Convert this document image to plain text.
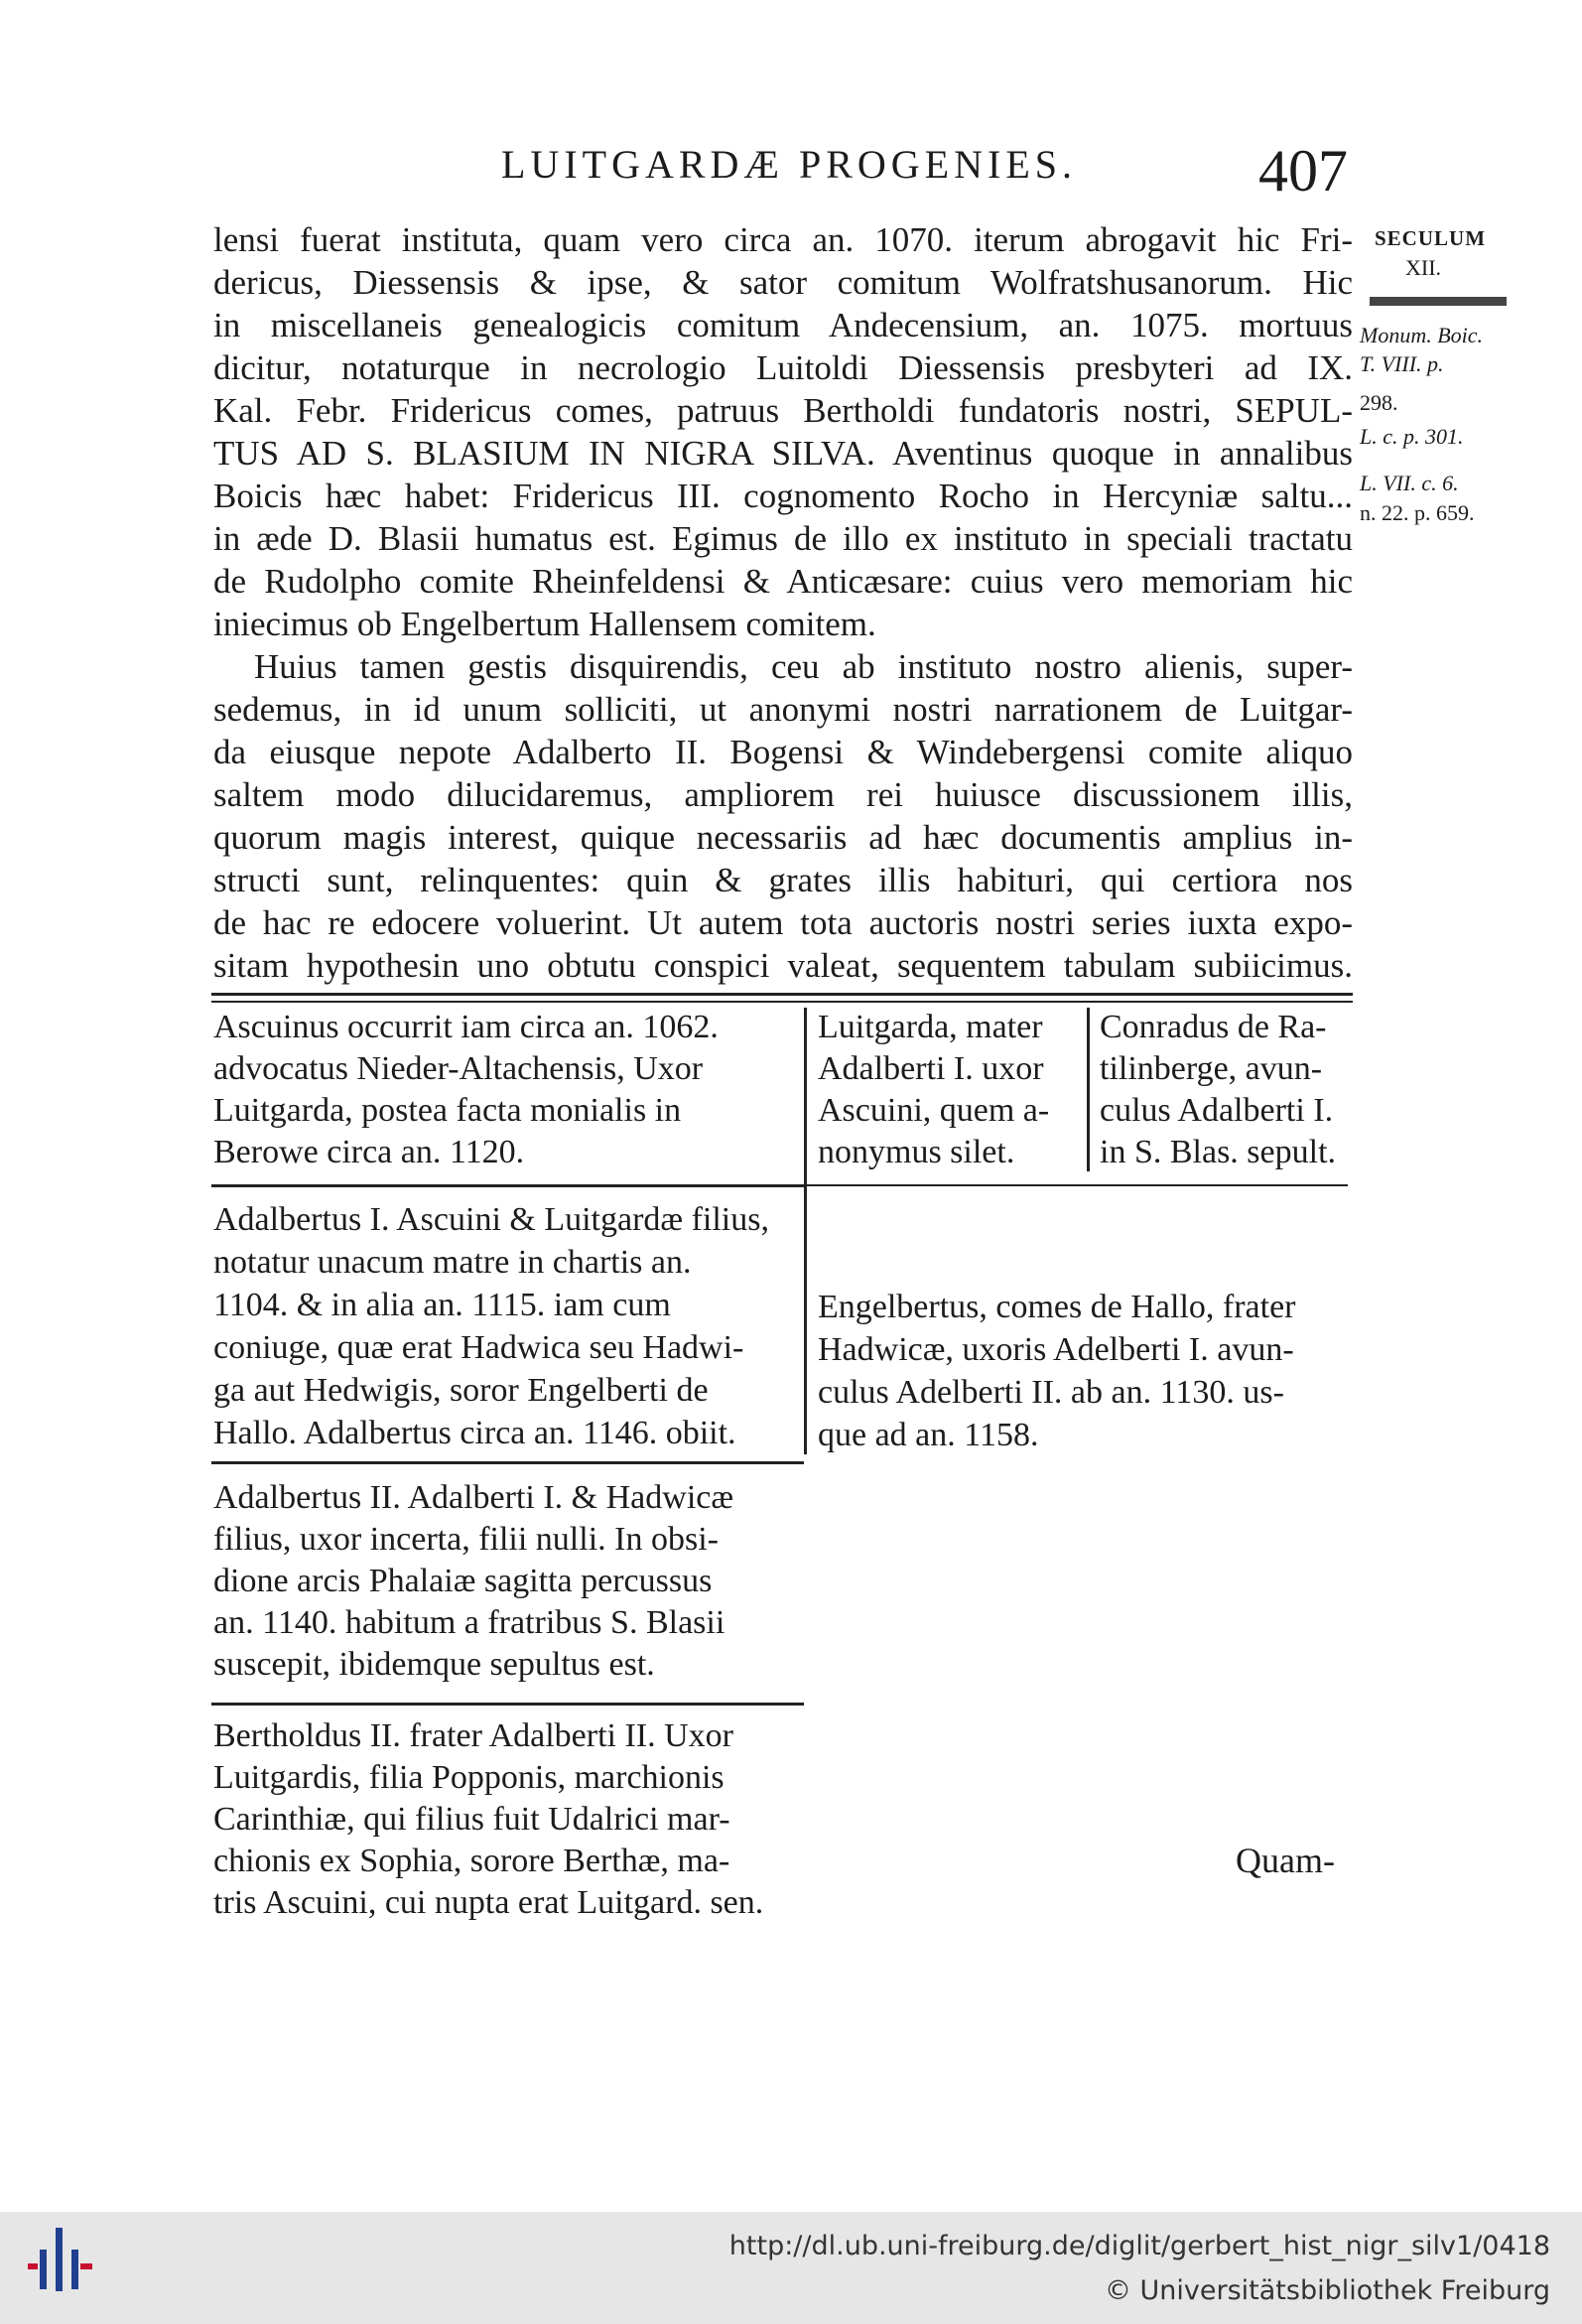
LUITGARDÆ PROGENIES.	407
SECULUM
XII.
Monum. Boic.
T. VIII. p.
298.
L. c. p. 301.
L. VII. c. 6.
n. 22. p. 659.
lensi fuerat instituta, quam vero circa an. 1070. iterum abrogavit hic Fri-
dericus, Diessensis & ipse, & sator comitum Wolfratshusanorum. Hic
in miscellaneis genealogicis comitum Andecensium, an. 1075. mortuus
dicitur, notaturque in necrologio Luitoldi Diessensis presbyteri ad IX.
Kal. Febr. Fridericus comes, patruus Bertholdi fundatoris nostri, SEPUL-
TUS AD S. BLASIUM IN NIGRA SILVA. Aventinus quoque in annalibus
Boicis hæc habet: Fridericus III. cognomento Rocho in Hercyniæ saltu...
in æde D. Blasii humatus est. Egimus de illo ex instituto in speciali tractatu
de Rudolpho comite Rheinfeldensi & Anticæsare: cuius vero memoriam hic
iniecimus ob Engelbertum Hallensem comitem.
Huius tamen gestis disquirendis, ceu ab instituto nostro alienis, super-
sedemus, in id unum solliciti, ut anonymi nostri narrationem de Luitgar-
da eiusque nepote Adalberto II. Bogensi & Windebergensi comite aliquo
saltem modo dilucidaremus, ampliorem rei huiusce discussionem illis,
quorum magis interest, quique necessariis ad hæc documentis amplius in-
structi sunt, relinquentes: quin & grates illis habituri, qui certiora nos
de hac re edocere voluerint. Ut autem tota auctoris nostri series iuxta expo-
sitam hypothesin uno obtutu conspici valeat, sequentem tabulam subiicimus.
Ascuinus occurrit iam circa an. 1062.
advocatus Nieder-Altachensis, Uxor
Luitgarda, postea facta monialis in
Berowe circa an. 1120.
Luitgarda, mater
Adalberti I. uxor
Ascuini, quem a-
nonymus silet.
Conradus de Ra-
tilinberge, avun-
culus Adalberti I.
in S. Blas. sepult.
Adalbertus I. Ascuini & Luitgardæ filius,
notatur unacum matre in chartis an.
1104. & in alia an. 1115. iam cum
coniuge, quæ erat Hadwica seu Hadwi-
ga aut Hedwigis, soror Engelberti de
Hallo. Adalbertus circa an. 1146. obiit.
Engelbertus, comes de Hallo, frater
Hadwicæ, uxoris Adelberti I. avun-
culus Adelberti II. ab an. 1130. us-
que ad an. 1158.
Adalbertus II. Adalberti I. & Hadwicæ
filius, uxor incerta, filii nulli. In obsi-
dione arcis Phalaiæ sagitta percussus
an. 1140. habitum a fratribus S. Blasii
suscepit, ibidemque sepultus est.
Bertholdus II. frater Adalberti II. Uxor
Luitgardis, filia Popponis, marchionis
Carinthiæ, qui filius fuit Udalrici mar-
chionis ex Sophia, sorore Berthæ, ma-
tris Ascuini, cui nupta erat Luitgard. sen.
Quam-
http://dl.ub.uni-freiburg.de/diglit/gerbert_hist_nigr_silv1/0418
© Universitätsbibliothek Freiburg
